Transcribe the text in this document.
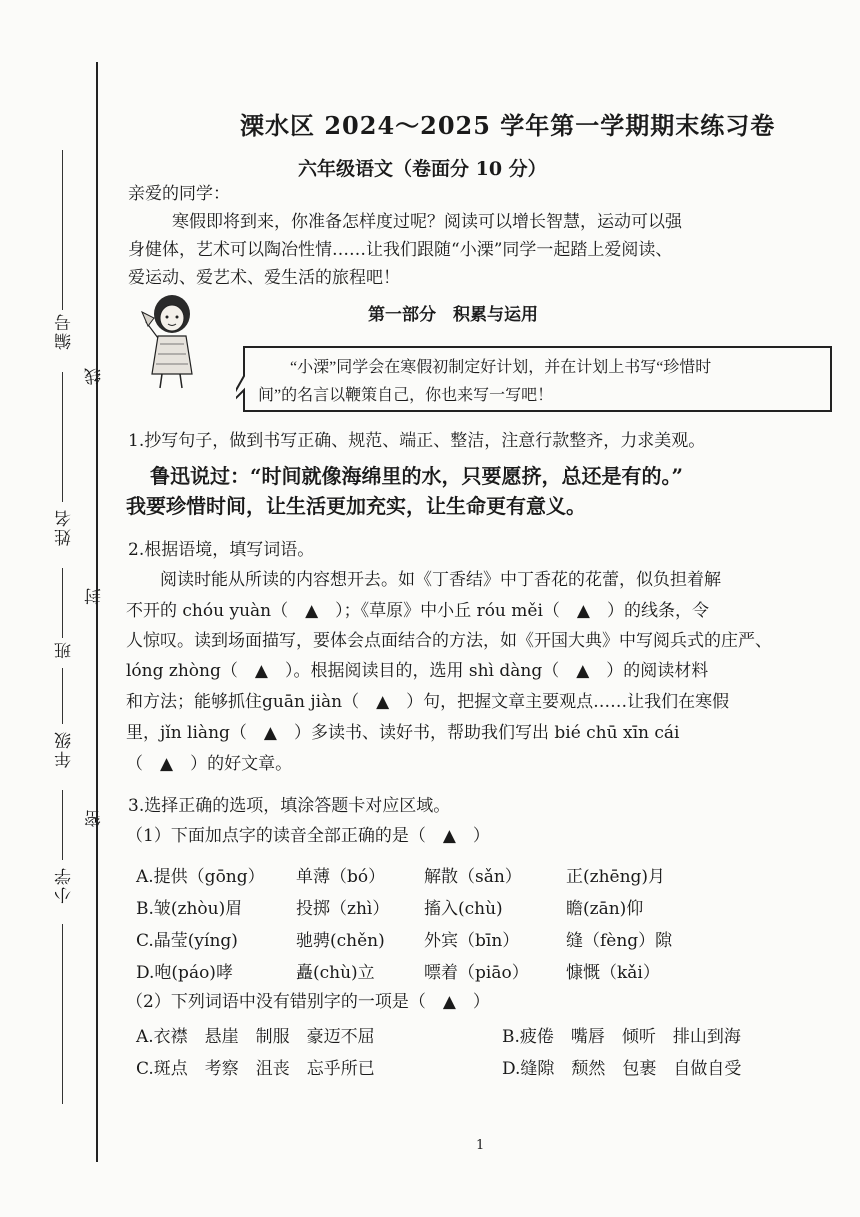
编号
姓名
班
年级
小学
线
封
密
溧水区 2024～2025 学年第一学期期末练习卷
六年级语文（卷面分 10 分）
亲爱的同学：
寒假即将到来，你准备怎样度过呢？阅读可以增长智慧，运动可以强
身健体，艺术可以陶冶性情……让我们跟随“小溧”同学一起踏上爱阅读、
爱运动、爱艺术、爱生活的旅程吧！
第一部分　积累与运用
“小溧”同学会在寒假初制定好计划，并在计划上书写“珍惜时
间”的名言以鞭策自己，你也来写一写吧！
1.抄写句子，做到书写正确、规范、端正、整洁，注意行款整齐，力求美观。
鲁迅说过：“时间就像海绵里的水，只要愿挤，总还是有的。”
我要珍惜时间，让生活更加充实，让生命更有意义。
2.根据语境，填写词语。
阅读时能从所读的内容想开去。如《丁香结》中丁香花的花蕾，似负担着解
不开的 chóu yuàn（　▲　）；《草原》中小丘 róu měi（　▲　）的线条，令
人惊叹。读到场面描写，要体会点面结合的方法，如《开国大典》中写阅兵式的庄严、
lóng zhòng（　▲　）。根据阅读目的，选用 shì dàng（　▲　）的阅读材料
和方法；能够抓住guān jiàn（　▲　）句，把握文章主要观点……让我们在寒假
里，jǐn liàng（　▲　）多读书、读好书，帮助我们写出 bié chū xīn cái
（　▲　）的好文章。
3.选择正确的选项，填涂答题卡对应区域。
（1）下面加点字的读音全部正确的是（　▲　）
A.提供（gōng） 单薄（bó） 解散（sǎn）	正(zhēng)月
B.皱(zhòu)眉	投掷（zhì） 搐入(chù)	瞻(zān)仰
C.晶莹(yíng)	驰骋(chěn) 外宾（bīn）	缝（fèng）隙
D.咆(páo)哮	矗(chù)立	嘌着（piāo） 慷慨（kǎi）
（2）下列词语中没有错别字的一项是（　▲　）
A.衣襟　悬崖　制服　豪迈不屈	B.疲倦　嘴唇　倾听　排山到海
C.斑点　考察　沮丧　忘乎所已	D.缝隙　颓然　包裹　自做自受
1
